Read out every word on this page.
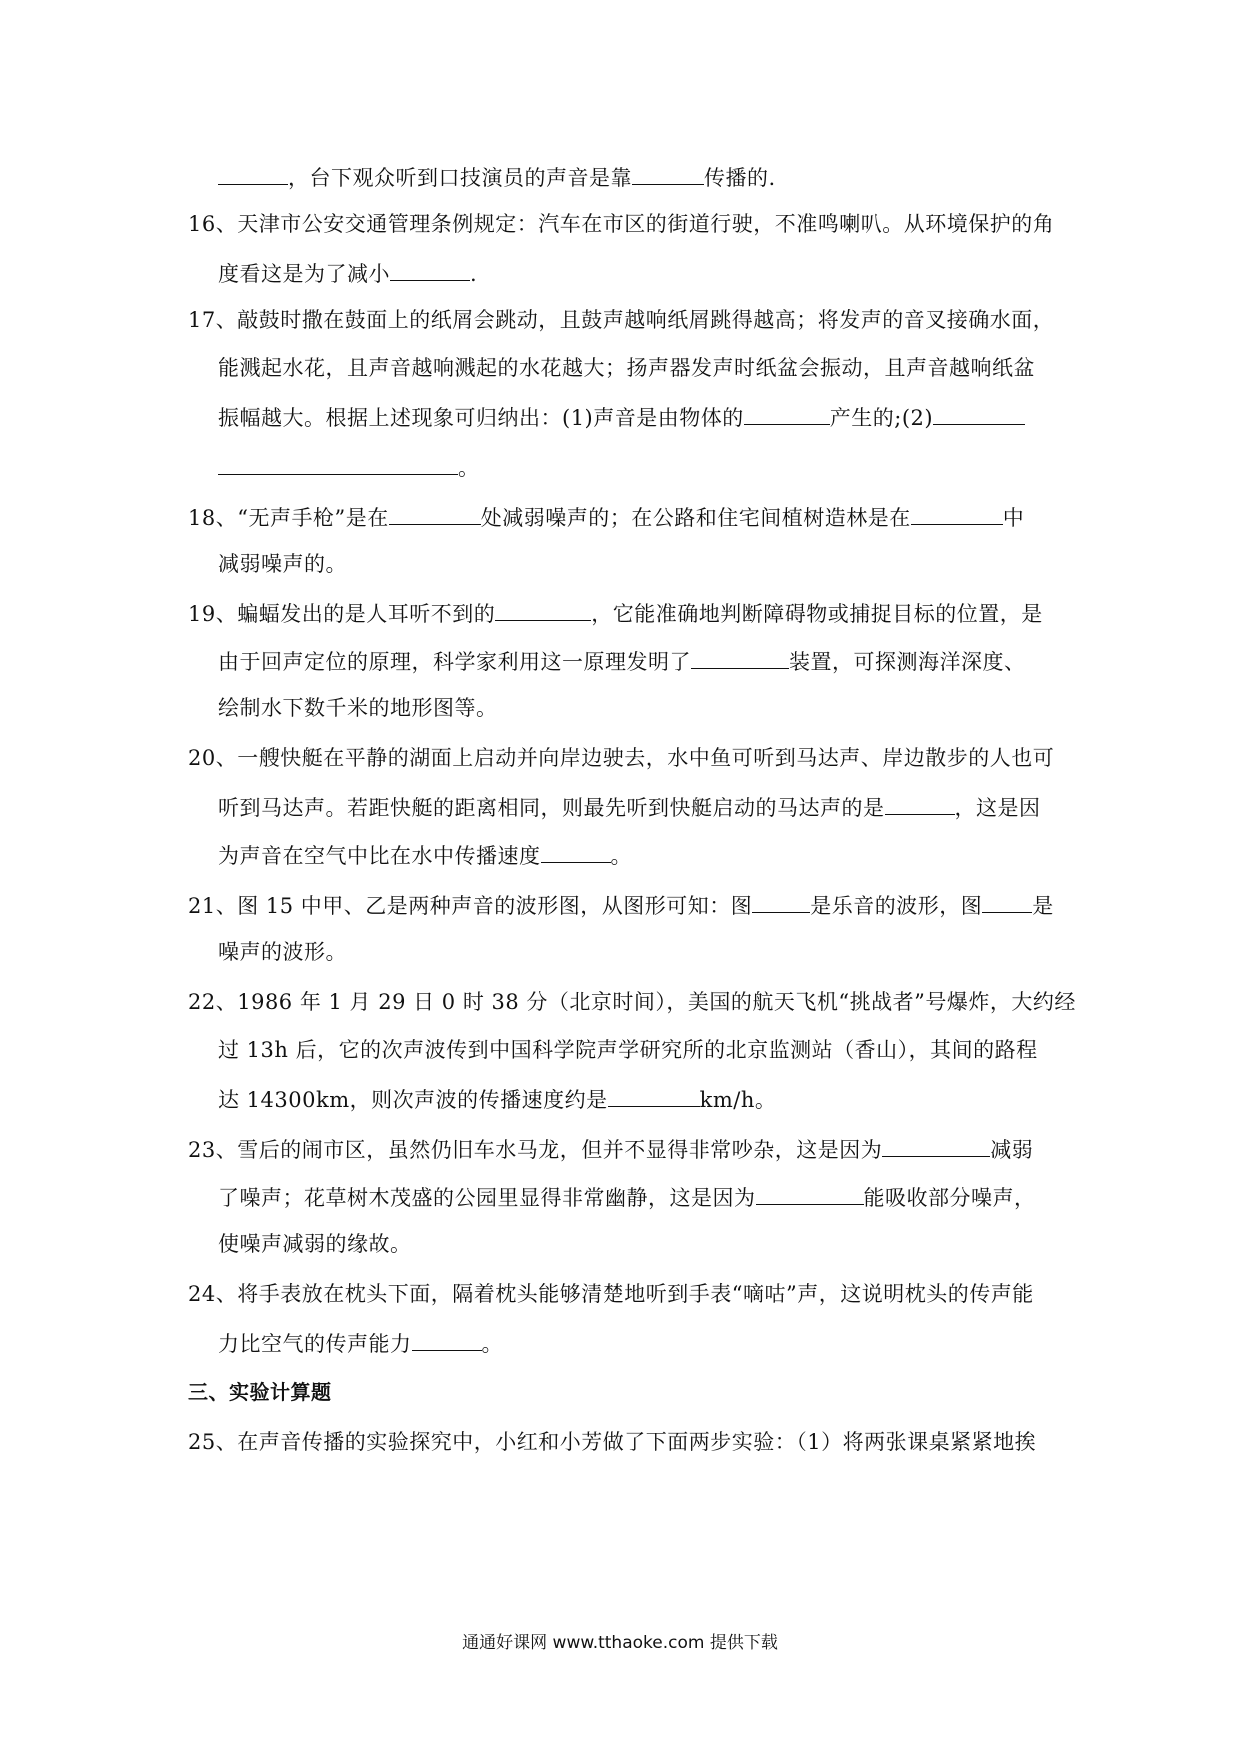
，台下观众听到口技演员的声音是靠	传播的.
16、天津市公安交通管理条例规定：汽车在市区的街道行驶，不准鸣喇叭。从环境保护的角
度看这是为了减小	.
17、敲鼓时撒在鼓面上的纸屑会跳动，且鼓声越响纸屑跳得越高；将发声的音叉接确水面，
能溅起水花，且声音越响溅起的水花越大；扬声器发声时纸盆会振动，且声音越响纸盆
振幅越大。根据上述现象可归纳出：(1)声音是由物体的	产生的;(2)
。
18、“无声手枪”是在	处减弱噪声的；在公路和住宅间植树造林是在	中
减弱噪声的。
19、蝙蝠发出的是人耳听不到的	，它能准确地判断障碍物或捕捉目标的位置，是
由于回声定位的原理，科学家利用这一原理发明了	装置，可探测海洋深度、
绘制水下数千米的地形图等。
20、一艘快艇在平静的湖面上启动并向岸边驶去，水中鱼可听到马达声、岸边散步的人也可
听到马达声。若距快艇的距离相同，则最先听到快艇启动的马达声的是	，这是因
为声音在空气中比在水中传播速度	。
21、图 15 中甲、乙是两种声音的波形图，从图形可知：图	是乐音的波形，图 是
噪声的波形。
22、1986 年 1 月 29 日 0 时 38 分（北京时间），美国的航天飞机“挑战者”号爆炸，大约经
过 13h 后，它的次声波传到中国科学院声学研究所的北京监测站（香山），其间的路程
达 14300km，则次声波的传播速度约是	km/h。
23、雪后的闹市区，虽然仍旧车水马龙，但并不显得非常吵杂，这是因为	减弱
了噪声；花草树木茂盛的公园里显得非常幽静，这是因为	能吸收部分噪声，
使噪声减弱的缘故。
24、将手表放在枕头下面，隔着枕头能够清楚地听到手表“嘀咕”声，这说明枕头的传声能
力比空气的传声能力	。
三、实验计算题
25、在声音传播的实验探究中，小红和小芳做了下面两步实验：（1）将两张课桌紧紧地挨
通通好课网 www.tthaoke.com 提供下载
